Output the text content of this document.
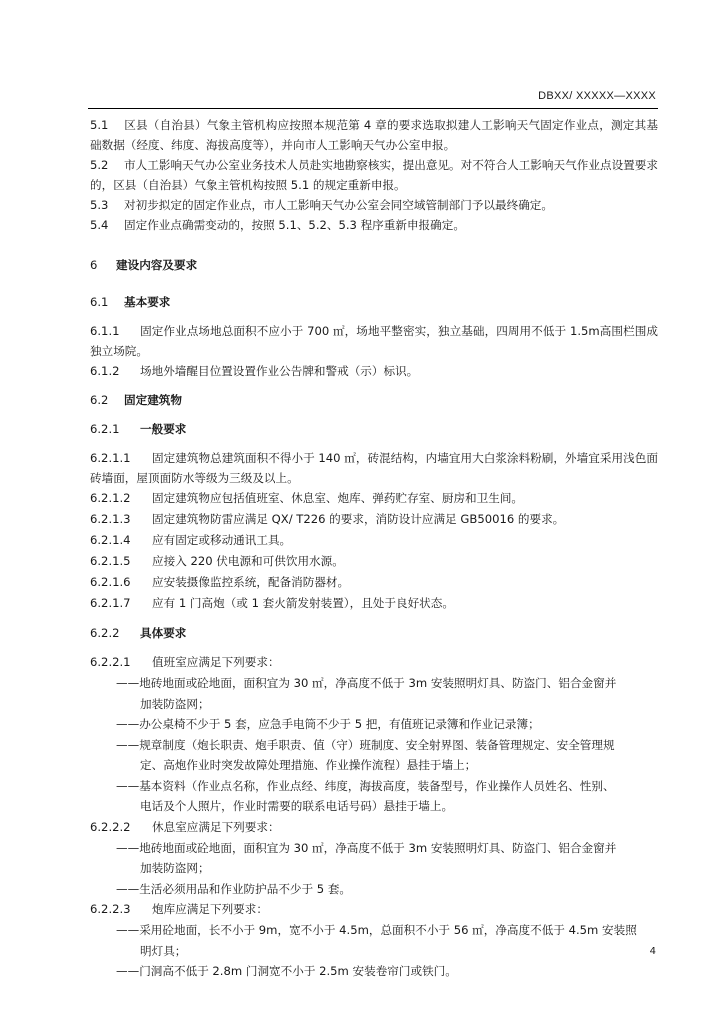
DBXX/ XXXXX—XXXX

5.1 区县（自治县）气象主管机构应按照本规范第 4 章的要求选取拟建人工影响天气固定作业点，测定其基础数据（经度、纬度、海拔高度等），并向市人工影响天气办公室申报。

5.2 市人工影响天气办公室业务技术人员赴实地勘察核实，提出意见。对不符合人工影响天气作业点设置要求的，区县（自治县）气象主管机构按照 5.1 的规定重新申报。

5.3 对初步拟定的固定作业点，市人工影响天气办公室会同空域管制部门予以最终确定。

5.4 固定作业点确需变动的，按照 5.1、5.2、5.3 程序重新申报确定。

6 建设内容及要求

6.1 基本要求

6.1.1 固定作业点场地总面积不应小于 700 ㎡，场地平整密实，独立基础，四周用不低于 1.5m高围栏围成独立场院。

6.1.2 场地外墙醒目位置设置作业公告牌和警戒（示）标识。

6.2 固定建筑物

6.2.1 一般要求

6.2.1.1 固定建筑物总建筑面积不得小于 140 ㎡，砖混结构，内墙宜用大白浆涂料粉刷，外墙宜采用浅色面砖墙面，屋顶面防水等级为三级及以上。

6.2.1.2 固定建筑物应包括值班室、休息室、炮库、弹药贮存室、厨房和卫生间。

6.2.1.3 固定建筑物防雷应满足 QX/ T226 的要求，消防设计应满足 GB50016 的要求。

6.2.1.4 应有固定或移动通讯工具。

6.2.1.5 应接入 220 伏电源和可供饮用水源。

6.2.1.6 应安装摄像监控系统，配备消防器材。

6.2.1.7 应有 1 门高炮（或 1 套火箭发射装置），且处于良好状态。

6.2.2 具体要求

6.2.2.1 值班室应满足下列要求：

——地砖地面或砼地面，面积宜为 30 ㎡，净高度不低于 3m 安装照明灯具、防盗门、铝合金窗并
加装防盗网；

——办公桌椅不少于 5 套，应急手电筒不少于 5 把，有值班记录簿和作业记录簿；

——规章制度（炮长职责、炮手职责、值（守）班制度、安全射界图、装备管理规定、安全管理规
定、高炮作业时突发故障处理措施、作业操作流程）悬挂于墙上；

——基本资料（作业点名称，作业点经、纬度，海拔高度，装备型号，作业操作人员姓名、性别、
电话及个人照片，作业时需要的联系电话号码）悬挂于墙上。

6.2.2.2 休息室应满足下列要求：

——地砖地面或砼地面，面积宜为 30 ㎡，净高度不低于 3m 安装照明灯具、防盗门、铝合金窗并
加装防盗网；

——生活必须用品和作业防护品不少于 5 套。

6.2.2.3 炮库应满足下列要求：

——采用砼地面，长不小于 9m，宽不小于 4.5m，总面积不小于 56 ㎡，净高度不低于 4.5m 安装照
明灯具；

——门洞高不低于 2.8m 门洞宽不小于 2.5m 安装卷帘门或铁门。

4
